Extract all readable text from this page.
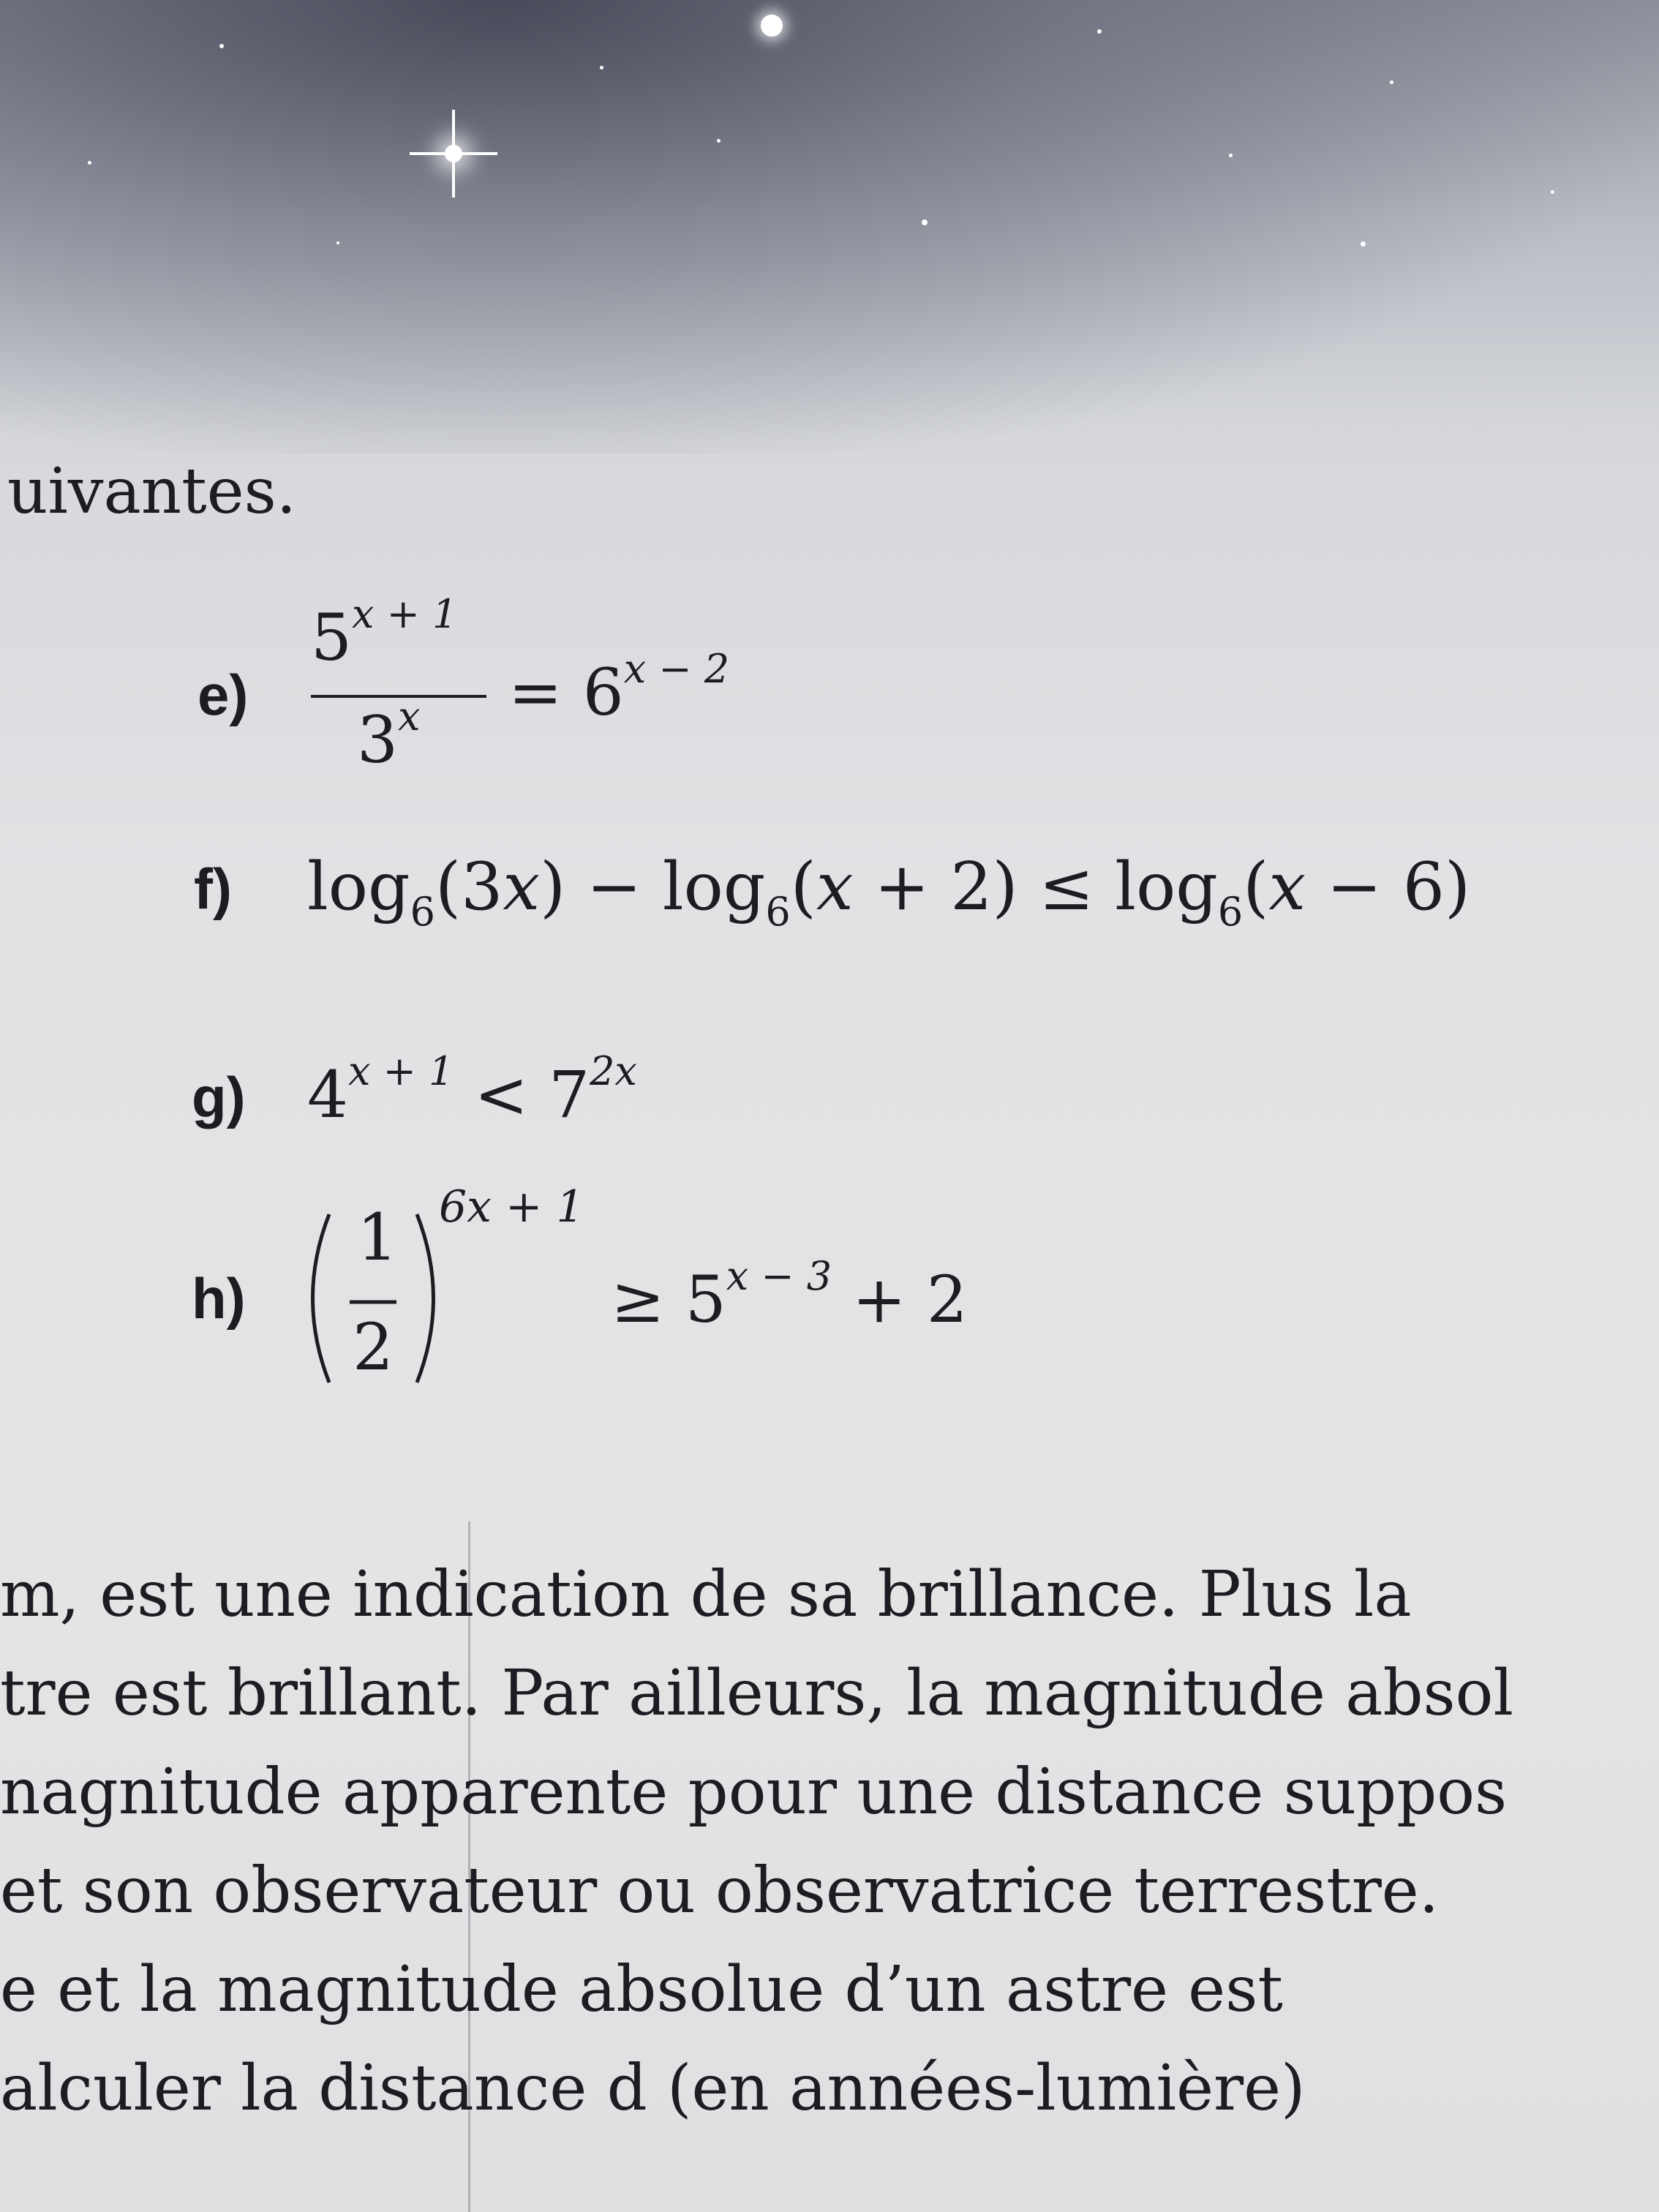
uivantes.
e)
$5^{x + 1}$
$3^x = 6^{x - 2}$
f) $\log_6(3x) - \log_6(x + 2) \le \log_6(x - 6)$
g) $4^{x + 1} < 7^{2x}$
h)
1
2
6x + 1
≥ $5^{x - 3} + 2$
m, est une indication de sa brillance. Plus la
tre est brillant. Par ailleurs, la magnitude absol
nagnitude apparente pour une distance suppos
et son observateur ou observatrice terrestre.
e et la magnitude absolue d’un astre est
alculer la distance d (en années-lumière)
